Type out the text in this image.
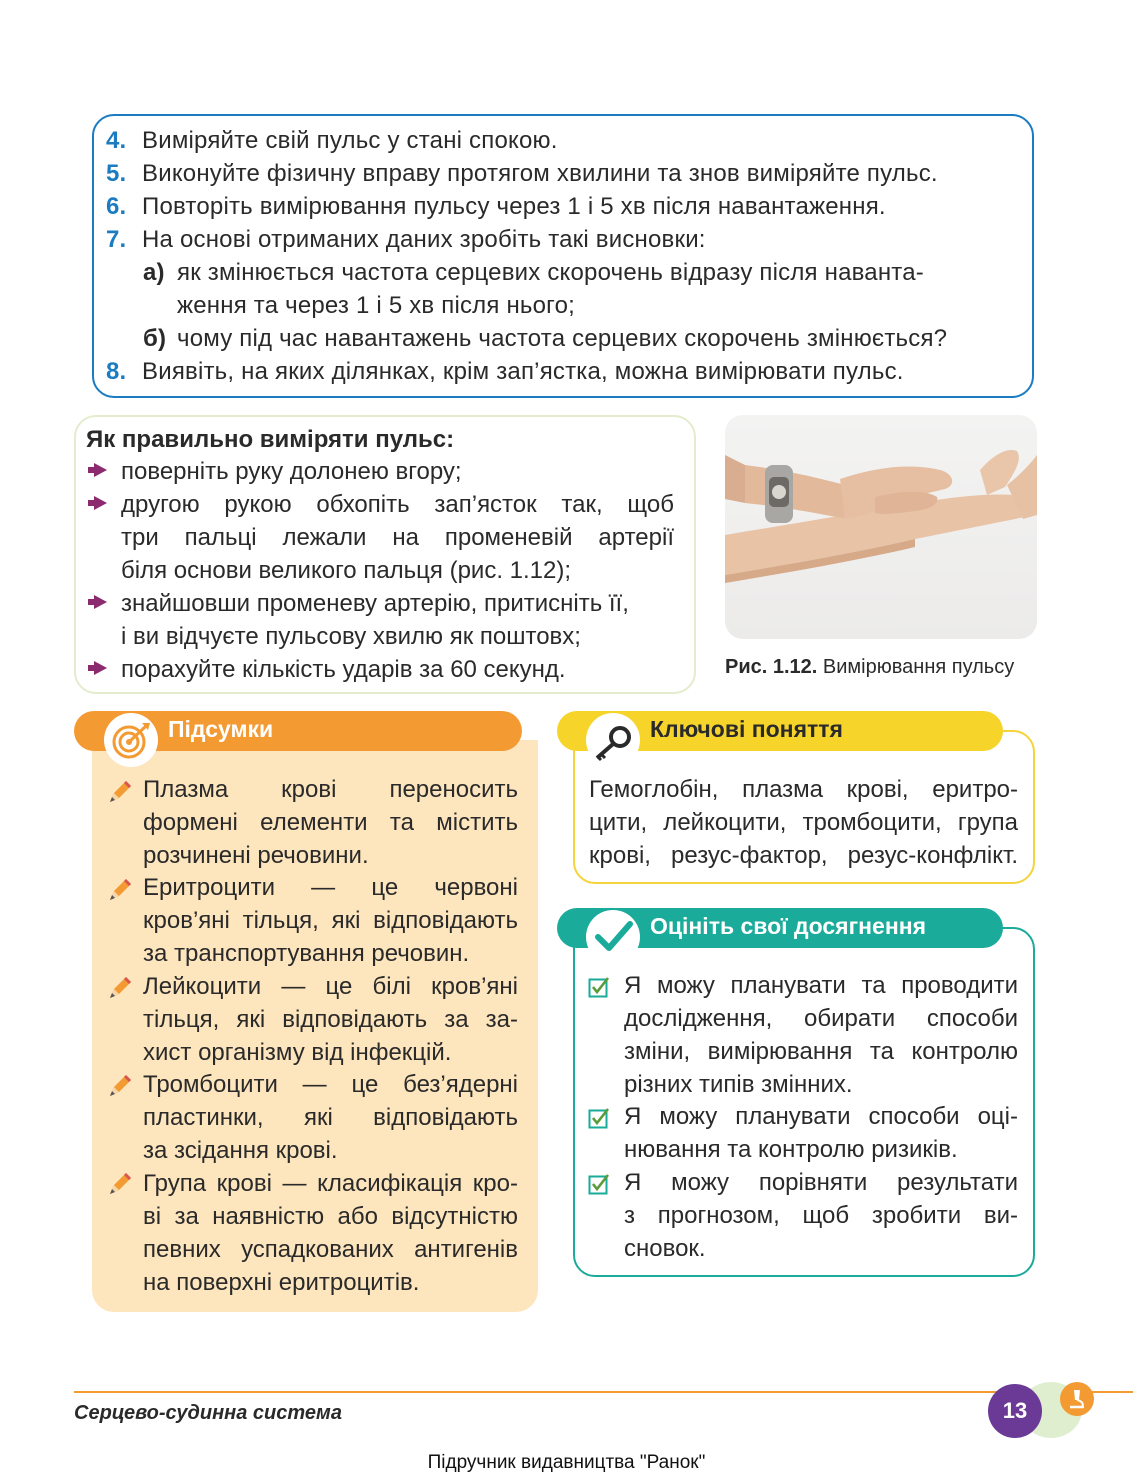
4. Виміряйте свій пульс у стані спокою.
5. Виконуйте фізичну вправу протягом хвилини та знов виміряйте пульс.
6. Повторіть вимірювання пульсу через 1 і 5 хв після навантаження.
7. На основі отриманих даних зробіть такі висновки:
а) як змінюється частота серцевих скорочень відразу після наванта-
ження та через 1 і 5 хв після нього;
б) чому під час навантажень частота серцевих скорочень змінюється?
8. Виявіть, на яких ділянках, крім зап’ястка, можна вимірювати пульс.
Як правильно виміряти пульс:
поверніть руку долонею вгору;
другою рукою обхопіть зап’ясток так, щоб
три пальці лежали на променевій артерії
біля основи великого пальця (рис. 1.12);
знайшовши променеву артерію, притисніть її,
і ви відчуєте пульсову хвилю як поштовх;
порахуйте кількість ударів за 60 секунд.	Рис. 1.12. Вимірювання пульсу
Підсумки
Плазма крові переносить
формені елементи та містить
розчинені речовини.
Еритроцити — це червоні
кров’яні тільця, які відповідають
за транспортування речовин.
Лейкоцити — це білі кров’яні
тільця, які відповідають за за-
хист організму від інфекцій.
Тромбоцити — це без’ядерні
пластинки, які відповідають
за зсідання крові.
Група крові — класифікація кро-
ві за наявністю або відсутністю
певних успадкованих антигенів
на поверхні еритроцитів.
Ключові поняття
Гемоглобін, плазма крові, еритро-
цити, лейкоцити, тромбоцити, група
крові, резус-фактор, резус-конфлікт.
Оцініть свої досягнення
Я можу планувати та проводити
дослідження, обирати способи
зміни, вимірювання та контролю
різних типів змінних.
Я можу планувати способи оці-
нювання та контролю ризиків.
Я можу порівняти результати
з прогнозом, щоб зробити ви-
сновок.
Серцево-судинна система	13
Підручник видавництва "Ранок"
